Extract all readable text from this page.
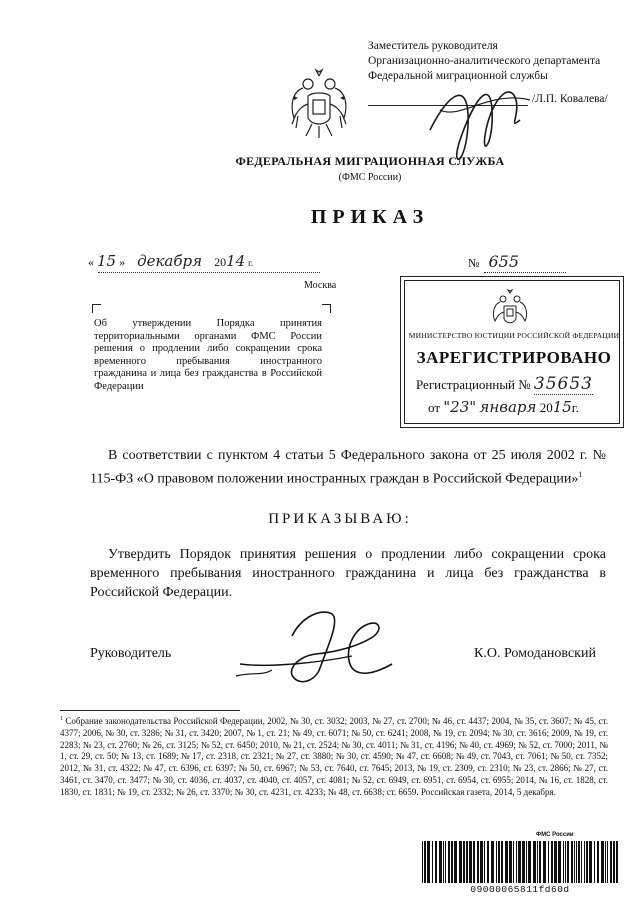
Заместитель руководителя
Организационно-аналитического департамента
Федеральной миграционной службы
/Л.П. Ковалева/
ФЕДЕРАЛЬНАЯ МИГРАЦИОННАЯ СЛУЖБА
(ФМС России)
ПРИКАЗ
« 15 » декабря 2014 г.
Москва
№ 655
Об утверждении Порядка принятия территориальными органами ФМС России решения о продлении либо сокращении срока временного пребывания иностранного гражданина и лица без гражданства в Российской Федерации
МИНИСТЕРСТВО ЮСТИЦИИ РОССИЙСКОЙ ФЕДЕРАЦИИ
ЗАРЕГИСТРИРОВАНО
Регистрационный № 35653
от "23" января 2015г.
В соответствии с пунктом 4 статьи 5 Федерального закона от 25 июля 2002 г. № 115-ФЗ «О правовом положении иностранных граждан в Российской Федерации»$^1$
ПРИКАЗЫВАЮ:
Утвердить Порядок принятия решения о продлении либо сокращении срока временного пребывания иностранного гражданина и лица без гражданства в Российской Федерации.
Руководитель	К.О. Ромодановский
$^1$ Собрание законодательства Российской Федерации, 2002, № 30, ст. 3032; 2003, № 27, ст. 2700; № 46, ст. 4437; 2004, № 35, ст. 3607; № 45, ст. 4377; 2006, № 30, ст. 3286; № 31, ст. 3420; 2007, № 1, ст. 21; № 49, ст. 6071; № 50, ст. 6241; 2008, № 19, ст. 2094; № 30, ст. 3616; 2009, № 19, ст. 2283; № 23, ст. 2760; № 26, ст. 3125; № 52, ст. 6450; 2010, № 21, ст. 2524; № 30, ст. 4011; № 31, ст. 4196; № 40, ст. 4969; № 52, ст. 7000; 2011, № 1, ст. 29, ст. 50; № 13, ст. 1689; № 17, ст. 2318, ст. 2321; № 27, ст. 3880; № 30, ст. 4590; № 47, ст. 6608; № 49, ст. 7043, ст. 7061; № 50, ст. 7352; 2012, № 31, ст. 4322; № 47, ст. 6396, ст. 6397; № 50, ст. 6967; № 53, ст. 7640, ст. 7645; 2013, № 19, ст. 2309, ст. 2310; № 23, ст. 2866; № 27, ст. 3461, ст. 3470, ст. 3477; № 30, ст. 4036, ст. 4037, ст. 4040, ст. 4057, ст. 4081; № 52, ст. 6949, ст. 6951, ст. 6954, ст. 6955; 2014, № 16, ст. 1828, ст. 1830, ст. 1831; № 19, ст. 2332; № 26, ст. 3370; № 30, ст. 4231, ст. 4233; № 48, ст. 6638; ст. 6659. Российская газета, 2014, 5 декабря.
ФМС России
09000065811fd60d
